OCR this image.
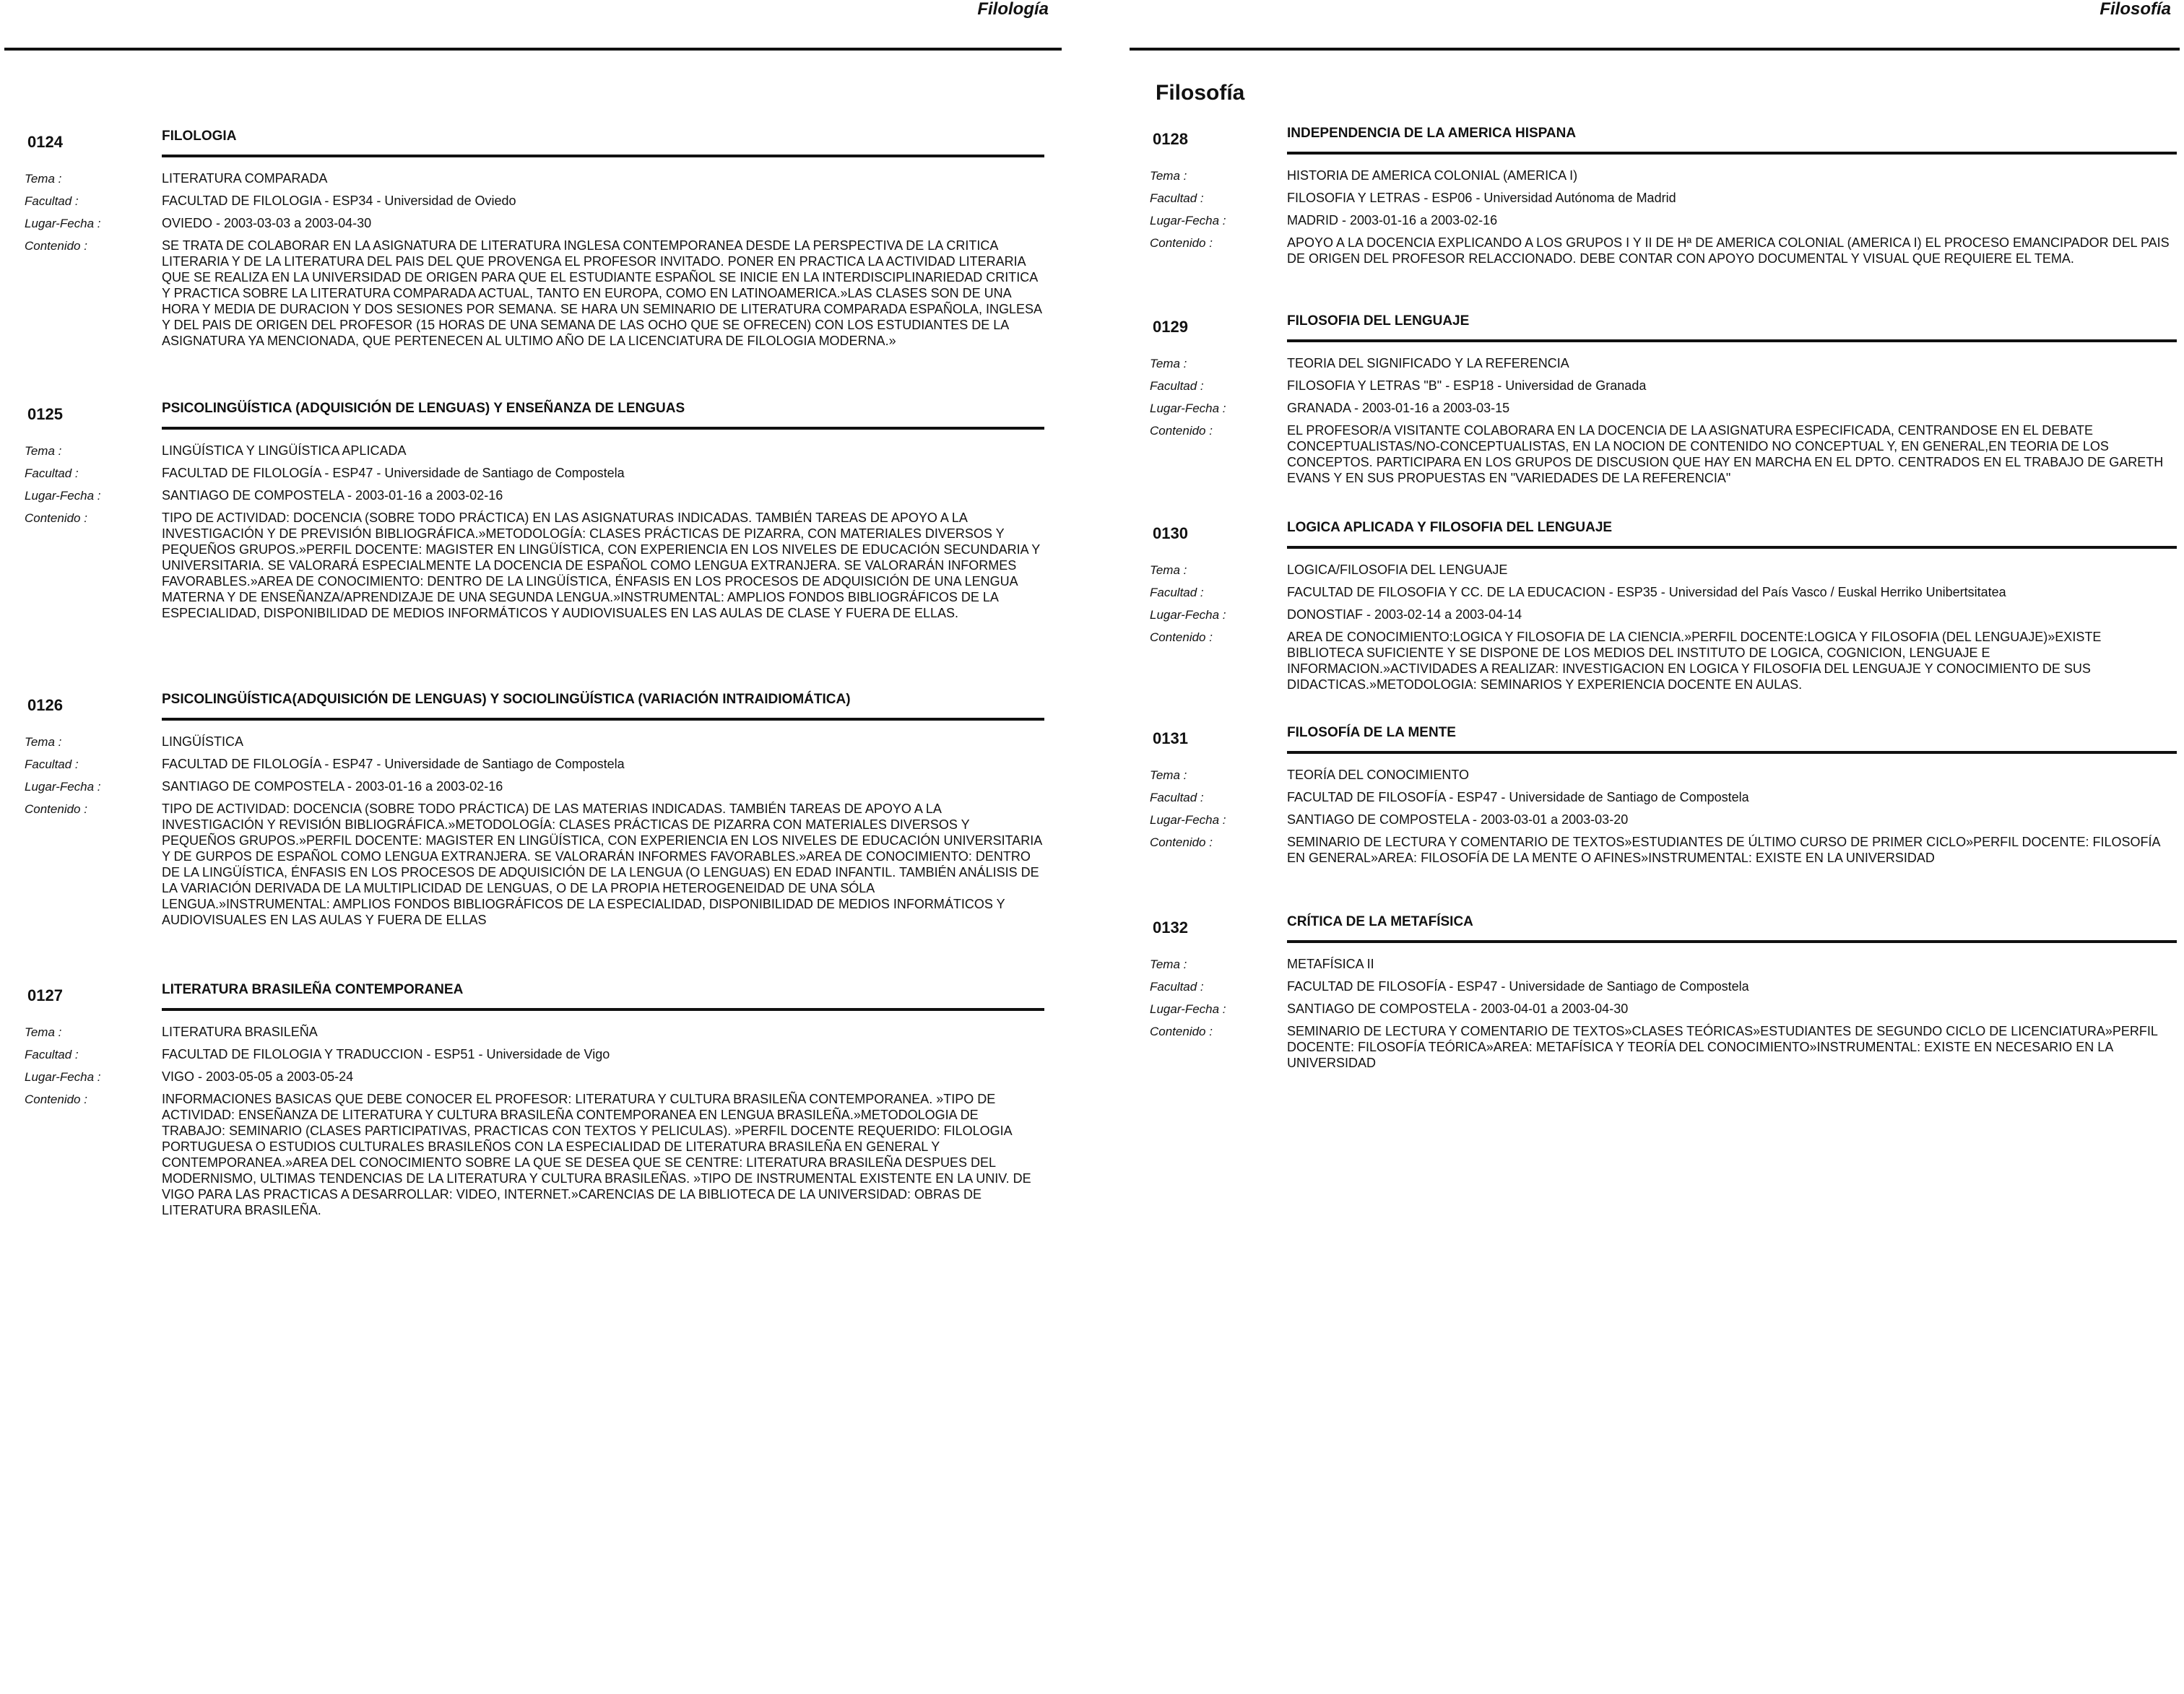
Filología
0124	FILOLOGIA
Tema :	LITERATURA COMPARADA
Facultad :	FACULTAD DE FILOLOGIA - ESP34 - Universidad de Oviedo
Lugar-Fecha :	OVIEDO - 2003-03-03 a 2003-04-30
Contenido :	SE TRATA DE COLABORAR EN LA ASIGNATURA DE LITERATURA INGLESA CONTEMPORANEA DESDE LA PERSPECTIVA DE LA CRITICA LITERARIA Y DE LA LITERATURA DEL PAIS DEL QUE PROVENGA EL PROFESOR INVITADO. PONER EN PRACTICA LA ACTIVIDAD LITERARIA QUE SE REALIZA EN LA UNIVERSIDAD DE ORIGEN PARA QUE EL ESTUDIANTE ESPAÑOL SE INICIE EN LA INTERDISCIPLINARIEDAD CRITICA Y PRACTICA SOBRE LA LITERATURA COMPARADA ACTUAL, TANTO EN EUROPA, COMO EN LATINOAMERICA.»LAS CLASES SON DE UNA HORA Y MEDIA DE DURACION Y DOS SESIONES POR SEMANA. SE HARA UN SEMINARIO DE LITERATURA COMPARADA ESPAÑOLA, INGLESA Y DEL PAIS DE ORIGEN DEL PROFESOR (15 HORAS DE UNA SEMANA DE LAS OCHO QUE SE OFRECEN) CON LOS ESTUDIANTES DE LA ASIGNATURA YA MENCIONADA, QUE PERTENECEN AL ULTIMO AÑO DE LA LICENCIATURA DE FILOLOGIA MODERNA.»
0125	PSICOLINGÜÍSTICA (ADQUISICIÓN DE LENGUAS) Y ENSEÑANZA DE LENGUAS
Tema :	LINGÜÍSTICA Y LINGÜÍSTICA APLICADA
Facultad :	FACULTAD DE FILOLOGÍA - ESP47 - Universidade de Santiago de Compostela
Lugar-Fecha :	SANTIAGO DE COMPOSTELA - 2003-01-16 a 2003-02-16
Contenido :	TIPO DE ACTIVIDAD: DOCENCIA (SOBRE TODO PRÁCTICA) EN LAS ASIGNATURAS INDICADAS. TAMBIÉN TAREAS DE APOYO A LA INVESTIGACIÓN Y DE PREVISIÓN BIBLIOGRÁFICA.»METODOLOGÍA: CLASES PRÁCTICAS DE PIZARRA, CON MATERIALES DIVERSOS Y PEQUEÑOS GRUPOS.»PERFIL DOCENTE: MAGISTER EN LINGÜÍSTICA, CON EXPERIENCIA EN LOS NIVELES DE EDUCACIÓN SECUNDARIA Y UNIVERSITARIA. SE VALORARÁ ESPECIALMENTE LA DOCENCIA DE ESPAÑOL COMO LENGUA EXTRANJERA. SE VALORARÁN INFORMES FAVORABLES.»AREA DE CONOCIMIENTO: DENTRO DE LA LINGÜÍSTICA, ÉNFASIS EN LOS PROCESOS DE ADQUISICIÓN DE UNA LENGUA MATERNA Y DE ENSEÑANZA/APRENDIZAJE DE UNA SEGUNDA LENGUA.»INSTRUMENTAL: AMPLIOS FONDOS BIBLIOGRÁFICOS DE LA ESPECIALIDAD, DISPONIBILIDAD DE MEDIOS INFORMÁTICOS Y AUDIOVISUALES EN LAS AULAS DE CLASE Y FUERA DE ELLAS.
0126	PSICOLINGÜÍSTICA(ADQUISICIÓN DE LENGUAS) Y SOCIOLINGÜÍSTICA (VARIACIÓN INTRAIDIOMÁTICA)
Tema :	LINGÜÍSTICA
Facultad :	FACULTAD DE FILOLOGÍA - ESP47 - Universidade de Santiago de Compostela
Lugar-Fecha :	SANTIAGO DE COMPOSTELA - 2003-01-16 a 2003-02-16
Contenido :	TIPO DE ACTIVIDAD: DOCENCIA (SOBRE TODO PRÁCTICA) DE LAS MATERIAS INDICADAS. TAMBIÉN TAREAS DE APOYO A LA INVESTIGACIÓN Y REVISIÓN BIBLIOGRÁFICA.»METODOLOGÍA: CLASES PRÁCTICAS DE PIZARRA CON MATERIALES DIVERSOS Y PEQUEÑOS GRUPOS.»PERFIL DOCENTE: MAGISTER EN LINGÜÍSTICA, CON EXPERIENCIA EN LOS NIVELES DE EDUCACIÓN UNIVERSITARIA Y DE GURPOS DE ESPAÑOL COMO LENGUA EXTRANJERA. SE VALORARÁN INFORMES FAVORABLES.»AREA DE CONOCIMIENTO: DENTRO DE LA LINGÜÍSTICA, ÉNFASIS EN LOS PROCESOS DE ADQUISICIÓN DE LA LENGUA (O LENGUAS) EN EDAD INFANTIL. TAMBIÉN ANÁLISIS DE LA VARIACIÓN DERIVADA DE LA MULTIPLICIDAD DE LENGUAS, O DE LA PROPIA HETEROGENEIDAD DE UNA SÓLA LENGUA.»INSTRUMENTAL: AMPLIOS FONDOS BIBLIOGRÁFICOS DE LA ESPECIALIDAD, DISPONIBILIDAD DE MEDIOS INFORMÁTICOS Y AUDIOVISUALES EN LAS AULAS Y FUERA DE ELLAS
0127	LITERATURA BRASILEÑA CONTEMPORANEA
Tema :	LITERATURA BRASILEÑA
Facultad :	FACULTAD DE FILOLOGIA Y TRADUCCION - ESP51 - Universidade de Vigo
Lugar-Fecha :	VIGO - 2003-05-05 a 2003-05-24
Contenido :	INFORMACIONES BASICAS QUE DEBE CONOCER EL PROFESOR: LITERATURA Y CULTURA BRASILEÑA CONTEMPORANEA. »TIPO DE ACTIVIDAD: ENSEÑANZA DE LITERATURA Y CULTURA BRASILEÑA CONTEMPORANEA EN LENGUA BRASILEÑA.»METODOLOGIA DE TRABAJO: SEMINARIO (CLASES PARTICIPATIVAS, PRACTICAS CON TEXTOS Y PELICULAS). »PERFIL DOCENTE REQUERIDO: FILOLOGIA PORTUGUESA O ESTUDIOS CULTURALES BRASILEÑOS CON LA ESPECIALIDAD DE LITERATURA BRASILEÑA EN GENERAL Y CONTEMPORANEA.»AREA DEL CONOCIMIENTO SOBRE LA QUE SE DESEA QUE SE CENTRE: LITERATURA BRASILEÑA DESPUES DEL MODERNISMO, ULTIMAS TENDENCIAS DE LA LITERATURA Y CULTURA BRASILEÑAS. »TIPO DE INSTRUMENTAL EXISTENTE EN LA UNIV. DE VIGO PARA LAS PRACTICAS A DESARROLLAR: VIDEO, INTERNET.»CARENCIAS DE LA BIBLIOTECA DE LA UNIVERSIDAD: OBRAS DE LITERATURA BRASILEÑA.
Filosofía
Filosofía
0128	INDEPENDENCIA DE LA AMERICA HISPANA
Tema :	HISTORIA DE AMERICA COLONIAL (AMERICA I)
Facultad :	FILOSOFIA Y LETRAS - ESP06 - Universidad Autónoma de Madrid
Lugar-Fecha :	MADRID - 2003-01-16 a 2003-02-16
Contenido :	APOYO A LA DOCENCIA EXPLICANDO A LOS GRUPOS I Y II DE Hª DE AMERICA COLONIAL (AMERICA I) EL PROCESO EMANCIPADOR DEL PAIS DE ORIGEN DEL PROFESOR RELACCIONADO. DEBE CONTAR CON APOYO DOCUMENTAL Y VISUAL QUE REQUIERE EL TEMA.
0129	FILOSOFIA DEL LENGUAJE
Tema :	TEORIA DEL SIGNIFICADO Y LA REFERENCIA
Facultad :	FILOSOFIA Y LETRAS "B" - ESP18 - Universidad de Granada
Lugar-Fecha :	GRANADA - 2003-01-16 a 2003-03-15
Contenido :	EL PROFESOR/A VISITANTE COLABORARA EN LA DOCENCIA DE LA ASIGNATURA ESPECIFICADA, CENTRANDOSE EN EL DEBATE CONCEPTUALISTAS/NO-CONCEPTUALISTAS, EN LA NOCION DE CONTENIDO NO CONCEPTUAL Y, EN GENERAL,EN TEORIA DE LOS CONCEPTOS. PARTICIPARA EN LOS GRUPOS DE DISCUSION QUE HAY EN MARCHA EN EL DPTO. CENTRADOS EN EL TRABAJO DE GARETH EVANS Y EN SUS PROPUESTAS EN "VARIEDADES DE LA REFERENCIA"
0130	LOGICA APLICADA Y FILOSOFIA DEL LENGUAJE
Tema :	LOGICA/FILOSOFIA DEL LENGUAJE
Facultad :	FACULTAD DE FILOSOFIA Y CC. DE LA EDUCACION - ESP35 - Universidad del País Vasco / Euskal Herriko Unibertsitatea
Lugar-Fecha :	DONOSTIAF - 2003-02-14 a 2003-04-14
Contenido :	AREA DE CONOCIMIENTO:LOGICA Y FILOSOFIA DE LA CIENCIA.»PERFIL DOCENTE:LOGICA Y FILOSOFIA (DEL LENGUAJE)»EXISTE BIBLIOTECA SUFICIENTE Y SE DISPONE DE LOS MEDIOS DEL INSTITUTO DE LOGICA, COGNICION, LENGUAJE E INFORMACION.»ACTIVIDADES A REALIZAR: INVESTIGACION EN LOGICA Y FILOSOFIA DEL LENGUAJE Y CONOCIMIENTO DE SUS DIDACTICAS.»METODOLOGIA: SEMINARIOS Y EXPERIENCIA DOCENTE EN AULAS.
0131	FILOSOFÍA DE LA MENTE
Tema :	TEORÍA DEL CONOCIMIENTO
Facultad :	FACULTAD DE FILOSOFÍA - ESP47 - Universidade de Santiago de Compostela
Lugar-Fecha :	SANTIAGO DE COMPOSTELA - 2003-03-01 a 2003-03-20
Contenido :	SEMINARIO DE LECTURA Y COMENTARIO DE TEXTOS»ESTUDIANTES DE ÚLTIMO CURSO DE PRIMER CICLO»PERFIL DOCENTE: FILOSOFÍA EN GENERAL»AREA: FILOSOFÍA DE LA MENTE O AFINES»INSTRUMENTAL: EXISTE EN LA UNIVERSIDAD
0132	CRÍTICA DE LA METAFÍSICA
Tema :	METAFÍSICA II
Facultad :	FACULTAD DE FILOSOFÍA - ESP47 - Universidade de Santiago de Compostela
Lugar-Fecha :	SANTIAGO DE COMPOSTELA - 2003-04-01 a 2003-04-30
Contenido :	SEMINARIO DE LECTURA Y COMENTARIO DE TEXTOS»CLASES TEÓRICAS»ESTUDIANTES DE SEGUNDO CICLO DE LICENCIATURA»PERFIL DOCENTE: FILOSOFÍA TEÓRICA»AREA: METAFÍSICA Y TEORÍA DEL CONOCIMIENTO»INSTRUMENTAL: EXISTE EN NECESARIO EN LA UNIVERSIDAD
